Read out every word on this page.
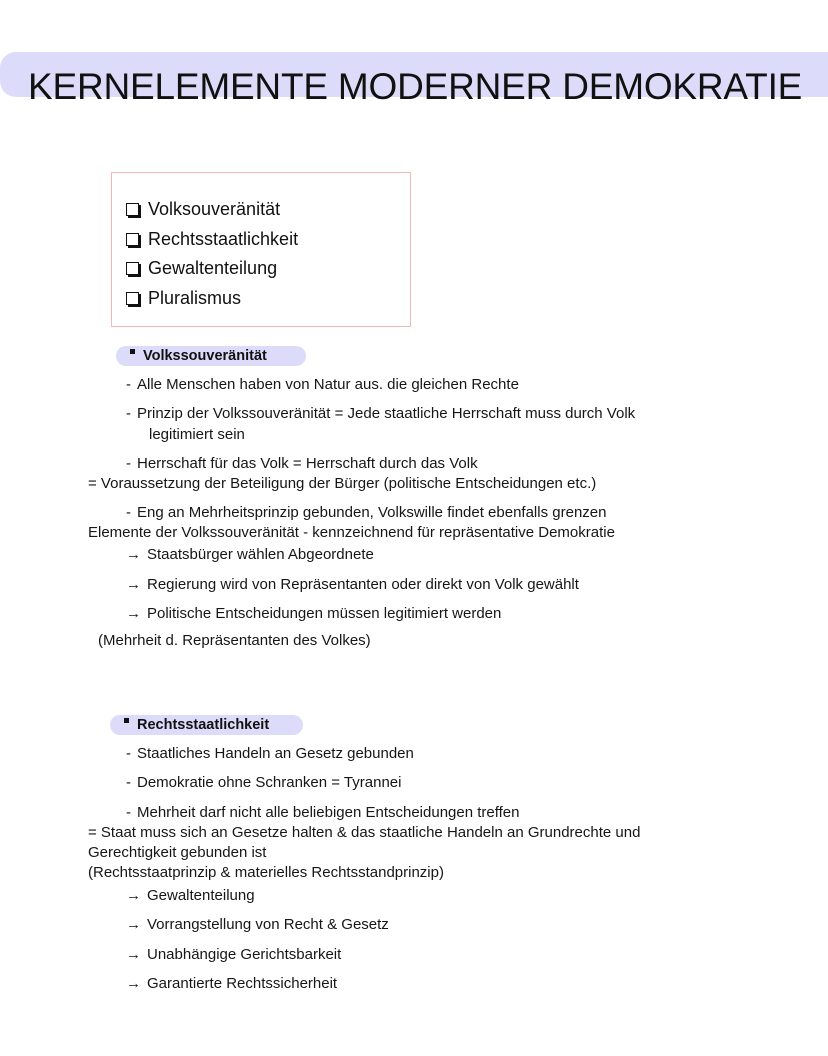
KERNELEMENTE MODERNER DEMOKRATIE
Volksouveränität
Rechtsstaatlichkeit
Gewaltenteilung
Pluralismus
Volkssouveränität
- Alle Menschen haben von Natur aus. die gleichen Rechte
- Prinzip der Volkssouveränität = Jede staatliche Herrschaft muss durch Volk
legitimiert sein
- Herrschaft für das Volk = Herrschaft durch das Volk
= Voraussetzung der Beteiligung der Bürger (politische Entscheidungen etc.)
- Eng an Mehrheitsprinzip gebunden, Volkswille findet ebenfalls grenzen
Elemente der Volkssouveränität - kennzeichnend für repräsentative Demokratie
→ Staatsbürger wählen Abgeordnete
→ Regierung wird von Repräsentanten oder direkt von Volk gewählt
→ Politische Entscheidungen müssen legitimiert werden
(Mehrheit d. Repräsentanten des Volkes)
Rechtsstaatlichkeit
- Staatliches Handeln an Gesetz gebunden
- Demokratie ohne Schranken = Tyrannei
- Mehrheit darf nicht alle beliebigen Entscheidungen treffen
= Staat muss sich an Gesetze halten & das staatliche Handeln an Grundrechte und
Gerechtigkeit gebunden ist
(Rechtsstaatprinzip & materielles Rechtsstandprinzip)
→ Gewaltenteilung
→ Vorrangstellung von Recht & Gesetz
→ Unabhängige Gerichtsbarkeit
→ Garantierte Rechtssicherheit
